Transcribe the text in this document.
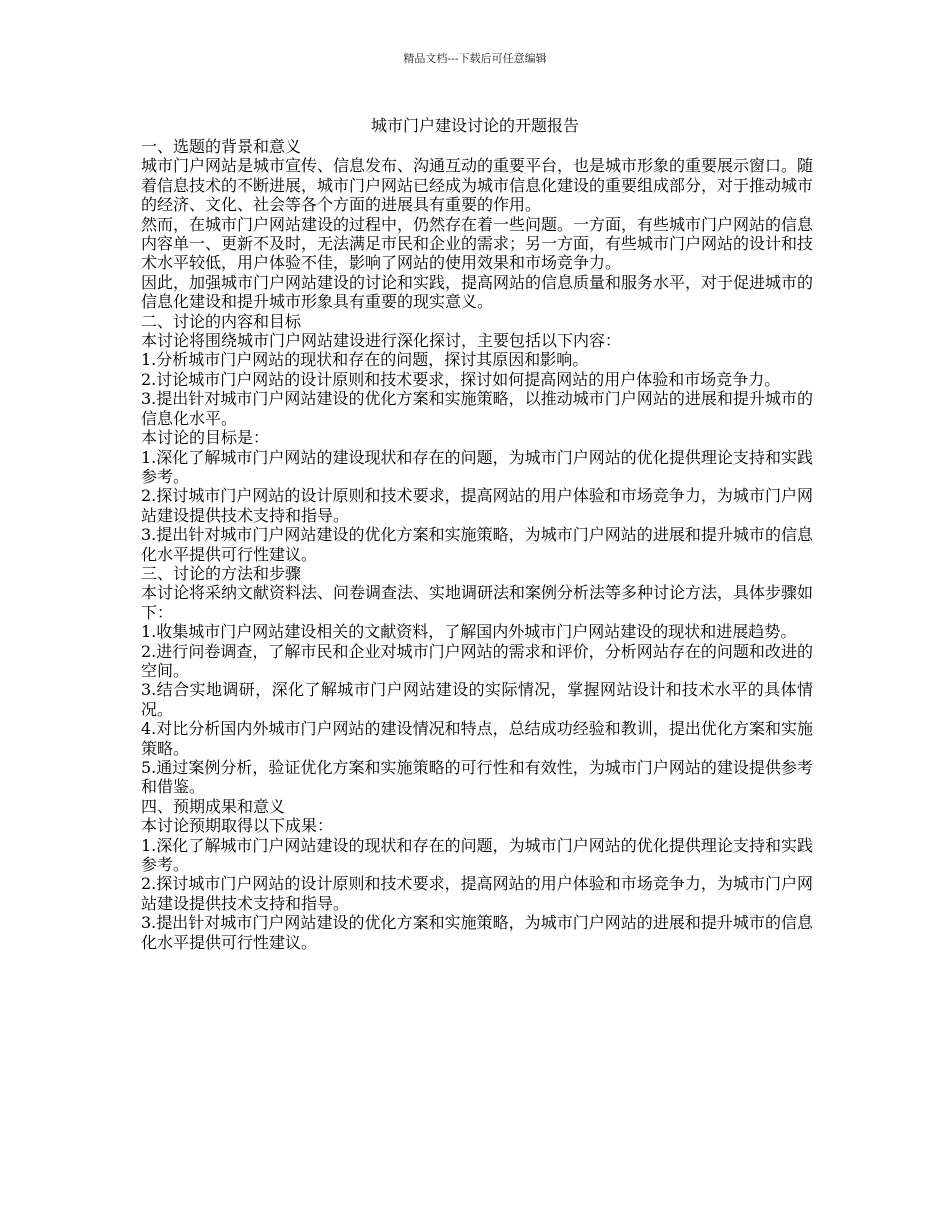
精品文档---下载后可任意编辑
城市门户建设讨论的开题报告

一、选题的背景和意义

城市门户网站是城市宣传、信息发布、沟通互动的重要平台，也是城市形象的重要展示窗口。随着信息技术的不断进展，城市门户网站已经成为城市信息化建设的重要组成部分，对于推动城市的经济、文化、社会等各个方面的进展具有重要的作用。

然而，在城市门户网站建设的过程中，仍然存在着一些问题。一方面，有些城市门户网站的信息内容单一、更新不及时，无法满足市民和企业的需求；另一方面，有些城市门户网站的设计和技术水平较低，用户体验不佳，影响了网站的使用效果和市场竞争力。

因此，加强城市门户网站建设的讨论和实践，提高网站的信息质量和服务水平，对于促进城市的信息化建设和提升城市形象具有重要的现实意义。

二、讨论的内容和目标

本讨论将围绕城市门户网站建设进行深化探讨，主要包括以下内容：

1.分析城市门户网站的现状和存在的问题，探讨其原因和影响。

2.讨论城市门户网站的设计原则和技术要求，探讨如何提高网站的用户体验和市场竞争力。

3.提出针对城市门户网站建设的优化方案和实施策略，以推动城市门户网站的进展和提升城市的信息化水平。

本讨论的目标是：

1.深化了解城市门户网站的建设现状和存在的问题，为城市门户网站的优化提供理论支持和实践参考。

2.探讨城市门户网站的设计原则和技术要求，提高网站的用户体验和市场竞争力，为城市门户网站建设提供技术支持和指导。

3.提出针对城市门户网站建设的优化方案和实施策略，为城市门户网站的进展和提升城市的信息化水平提供可行性建议。

三、讨论的方法和步骤

本讨论将采纳文献资料法、问卷调查法、实地调研法和案例分析法等多种讨论方法，具体步骤如下：

1.收集城市门户网站建设相关的文献资料，了解国内外城市门户网站建设的现状和进展趋势。

2.进行问卷调查，了解市民和企业对城市门户网站的需求和评价，分析网站存在的问题和改进的空间。

3.结合实地调研，深化了解城市门户网站建设的实际情况，掌握网站设计和技术水平的具体情况。

4.对比分析国内外城市门户网站的建设情况和特点，总结成功经验和教训，提出优化方案和实施策略。

5.通过案例分析，验证优化方案和实施策略的可行性和有效性，为城市门户网站的建设提供参考和借鉴。

四、预期成果和意义

本讨论预期取得以下成果：

1.深化了解城市门户网站建设的现状和存在的问题，为城市门户网站的优化提供理论支持和实践参考。

2.探讨城市门户网站的设计原则和技术要求，提高网站的用户体验和市场竞争力，为城市门户网站建设提供技术支持和指导。

3.提出针对城市门户网站建设的优化方案和实施策略，为城市门户网站的进展和提升城市的信息化水平提供可行性建议。
